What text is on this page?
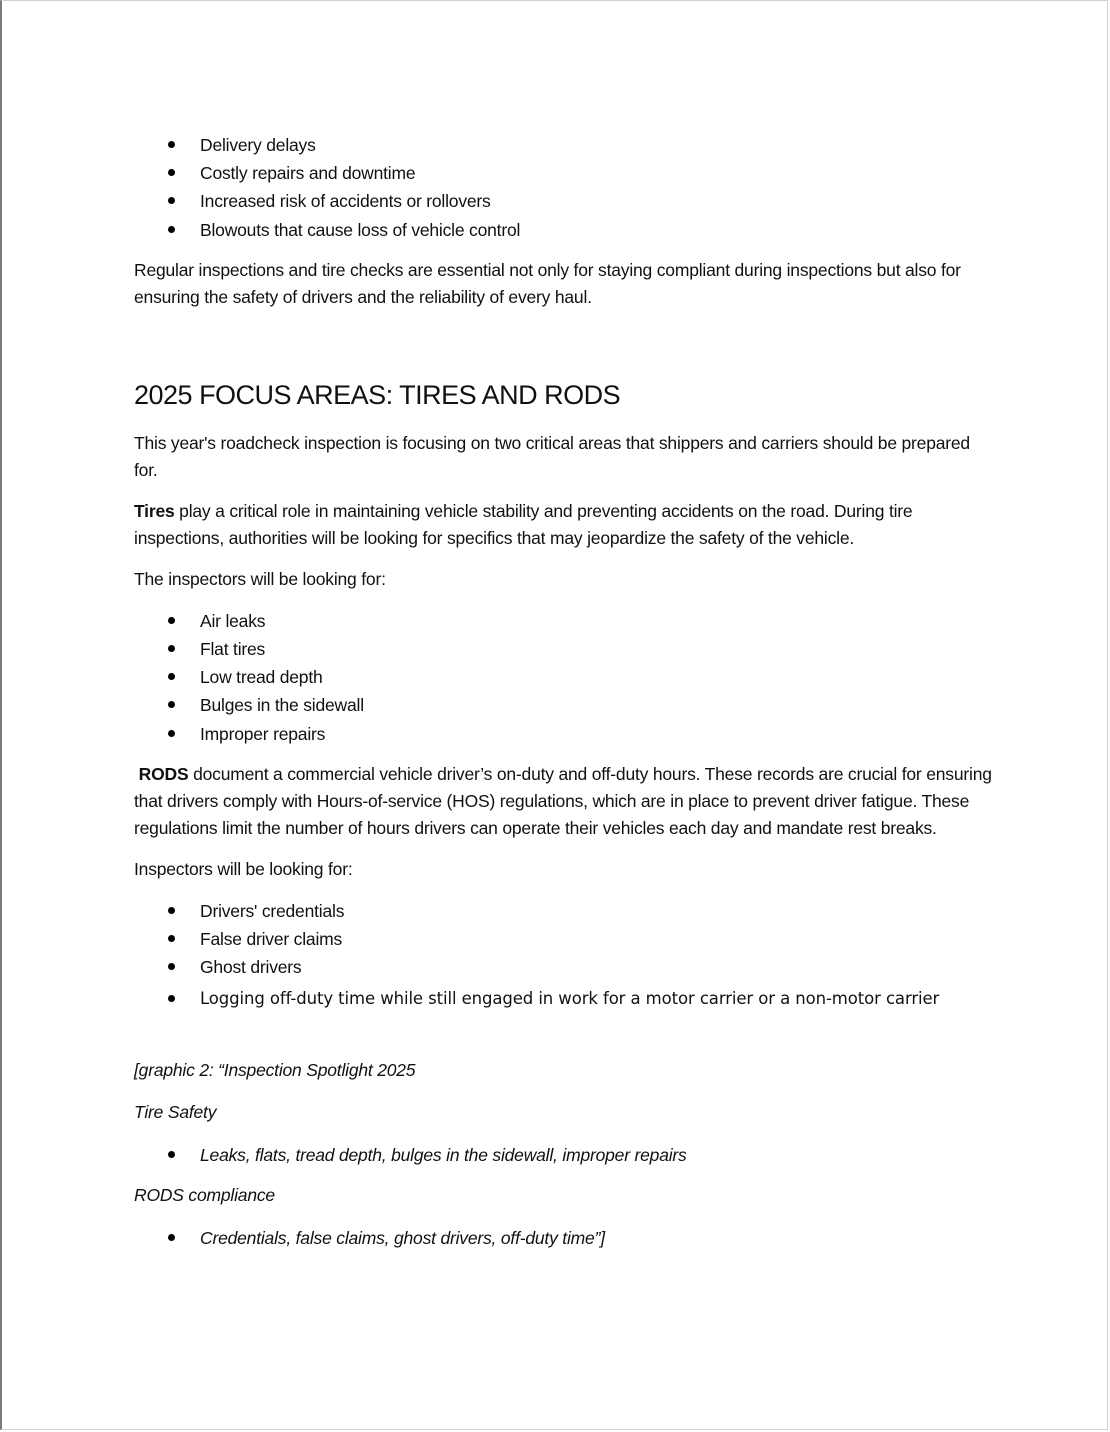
Delivery delays
Costly repairs and downtime
Increased risk of accidents or rollovers
Blowouts that cause loss of vehicle control

Regular inspections and tire checks are essential not only for staying compliant during inspections but also for ensuring the safety of drivers and the reliability of every haul.

2025 FOCUS AREAS: TIRES AND RODS

This year's roadcheck inspection is focusing on two critical areas that shippers and carriers should be prepared for.

Tires play a critical role in maintaining vehicle stability and preventing accidents on the road. During tire inspections, authorities will be looking for specifics that may jeopardize the safety of the vehicle.

The inspectors will be looking for:

Air leaks
Flat tires
Low tread depth
Bulges in the sidewall
Improper repairs

RODS document a commercial vehicle driver’s on-duty and off-duty hours. These records are crucial for ensuring that drivers comply with Hours-of-service (HOS) regulations, which are in place to prevent driver fatigue. These regulations limit the number of hours drivers can operate their vehicles each day and mandate rest breaks.

Inspectors will be looking for:

Drivers' credentials
False driver claims
Ghost drivers
Logging off-duty time while still engaged in work for a motor carrier or a non-motor carrier

[graphic 2: “Inspection Spotlight 2025

Tire Safety

Leaks, flats, tread depth, bulges in the sidewall, improper repairs

RODS compliance

Credentials, false claims, ghost drivers, off-duty time”]
